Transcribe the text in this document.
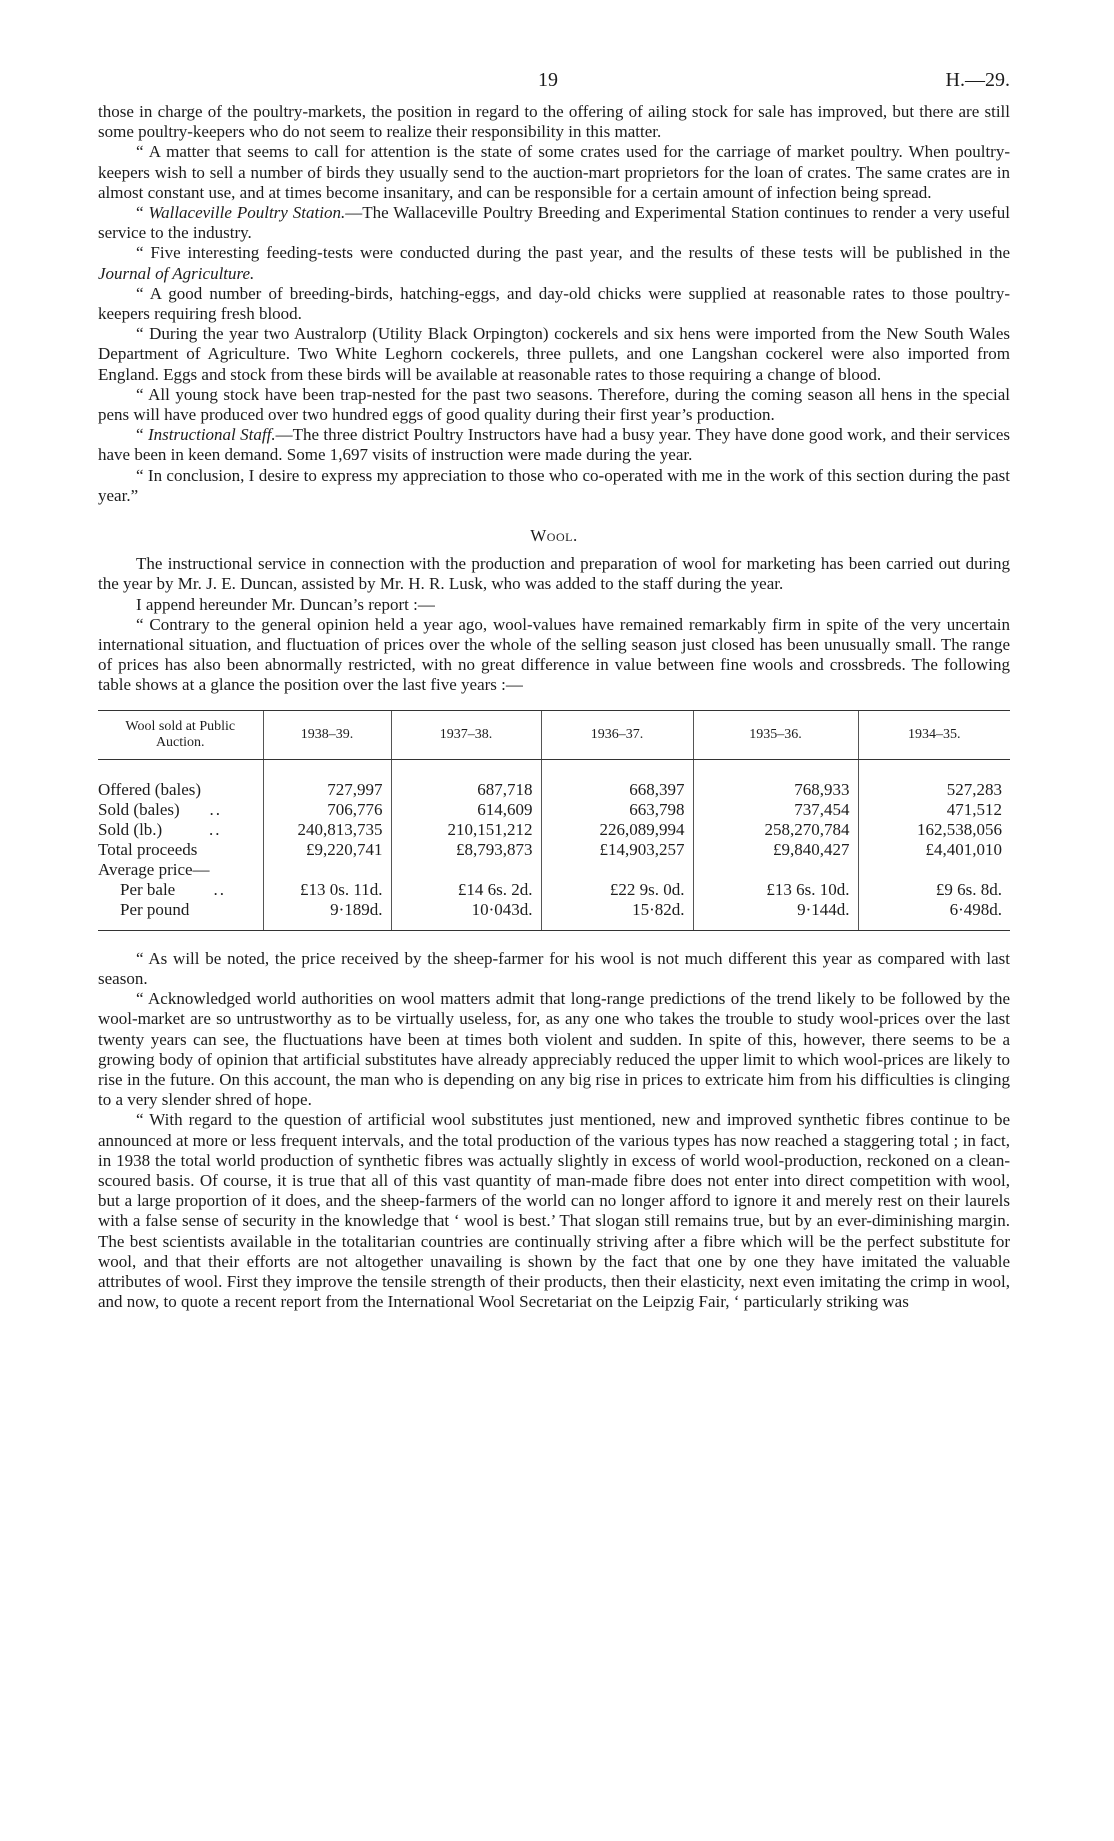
19	H.—29.

those in charge of the poultry-markets, the position in regard to the offering of ailing stock for sale has improved, but there are still some poultry-keepers who do not seem to realize their responsibility in this matter.

“ A matter that seems to call for attention is the state of some crates used for the carriage of market poultry. When poultry-keepers wish to sell a number of birds they usually send to the auction-mart proprietors for the loan of crates. The same crates are in almost constant use, and at times become insanitary, and can be responsible for a certain amount of infection being spread.

“ Wallaceville Poultry Station.—The Wallaceville Poultry Breeding and Experimental Station continues to render a very useful service to the industry.

“ Five interesting feeding-tests were conducted during the past year, and the results of these tests will be published in the Journal of Agriculture.

“ A good number of breeding-birds, hatching-eggs, and day-old chicks were supplied at reasonable rates to those poultry-keepers requiring fresh blood.

“ During the year two Australorp (Utility Black Orpington) cockerels and six hens were imported from the New South Wales Department of Agriculture. Two White Leghorn cockerels, three pullets, and one Langshan cockerel were also imported from England. Eggs and stock from these birds will be available at reasonable rates to those requiring a change of blood.

“ All young stock have been trap-nested for the past two seasons. Therefore, during the coming season all hens in the special pens will have produced over two hundred eggs of good quality during their first year’s production.

“ Instructional Staff.—The three district Poultry Instructors have had a busy year. They have done good work, and their services have been in keen demand. Some 1,697 visits of instruction were made during the year.

“ In conclusion, I desire to express my appreciation to those who co-operated with me in the work of this section during the past year.”

Wool.

The instructional service in connection with the production and preparation of wool for marketing has been carried out during the year by Mr. J. E. Duncan, assisted by Mr. H. R. Lusk, who was added to the staff during the year.

I append hereunder Mr. Duncan’s report :—

“ Contrary to the general opinion held a year ago, wool-values have remained remarkably firm in spite of the very uncertain international situation, and fluctuation of prices over the whole of the selling season just closed has been unusually small. The range of prices has also been abnormally restricted, with no great difference in value between fine wools and crossbreds. The following table shows at a glance the position over the last five years :—

Wool sold at Public Auction.	1938–39.	1937–38.	1936–37.	1935–36.	1934–35.

Offered (bales)	727,997	687,718	668,397	768,933	527,283
Sold (bales) ..	706,776	614,609	663,798	737,454	471,512
Sold (lb.) ..	240,813,735	210,151,212	226,089,994	258,270,784	162,538,056
Total proceeds	£9,220,741	£8,793,873	£14,903,257	£9,840,427	£4,401,010
Average price—					
Per bale ..	£13 0s. 11d.	£14 6s. 2d.	£22 9s. 0d.	£13 6s. 10d.	£9 6s. 8d.
Per pound	9·189d.	10·043d.	15·82d.	9·144d.	6·498d.

“ As will be noted, the price received by the sheep-farmer for his wool is not much different this year as compared with last season.

“ Acknowledged world authorities on wool matters admit that long-range predictions of the trend likely to be followed by the wool-market are so untrustworthy as to be virtually useless, for, as any one who takes the trouble to study wool-prices over the last twenty years can see, the fluctuations have been at times both violent and sudden. In spite of this, however, there seems to be a growing body of opinion that artificial substitutes have already appreciably reduced the upper limit to which wool-prices are likely to rise in the future. On this account, the man who is depending on any big rise in prices to extricate him from his difficulties is clinging to a very slender shred of hope.

“ With regard to the question of artificial wool substitutes just mentioned, new and improved synthetic fibres continue to be announced at more or less frequent intervals, and the total production of the various types has now reached a staggering total ; in fact, in 1938 the total world production of synthetic fibres was actually slightly in excess of world wool-production, reckoned on a clean-scoured basis. Of course, it is true that all of this vast quantity of man-made fibre does not enter into direct competition with wool, but a large proportion of it does, and the sheep-farmers of the world can no longer afford to ignore it and merely rest on their laurels with a false sense of security in the knowledge that ‘ wool is best.’ That slogan still remains true, but by an ever-diminishing margin. The best scientists available in the totalitarian countries are continually striving after a fibre which will be the perfect substitute for wool, and that their efforts are not altogether unavailing is shown by the fact that one by one they have imitated the valuable attributes of wool. First they improve the tensile strength of their products, then their elasticity, next even imitating the crimp in wool, and now, to quote a recent report from the International Wool Secretariat on the Leipzig Fair, ‘ particularly striking was
